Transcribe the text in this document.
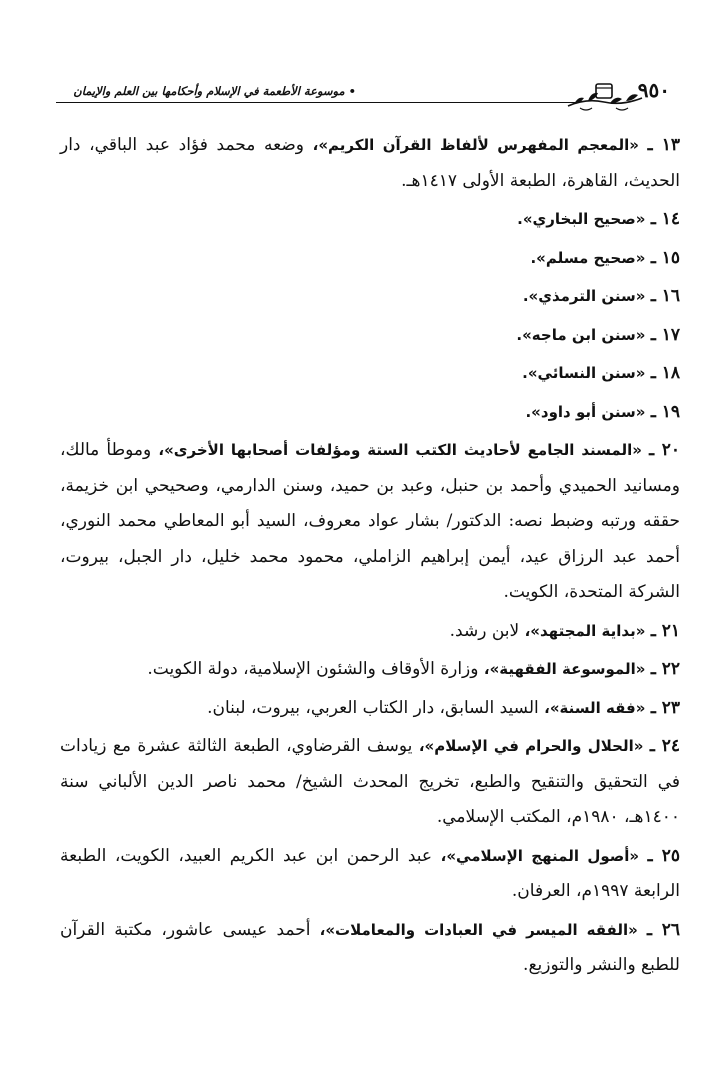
• موسوعة الأطعمة في الإسلام وأحكامها بين العلم والإيمان	٩٥٠

١٣ ـ «المعجم المفهرس لألفاظ القرآن الكريم»، وضعه محمد فؤاد عبد الباقي، دار الحديث، القاهرة، الطبعة الأولى ١٤١٧هـ.

١٤ ـ «صحيح البخاري».

١٥ ـ «صحيح مسلم».

١٦ ـ «سنن الترمذي».

١٧ ـ «سنن ابن ماجه».

١٨ ـ «سنن النسائي».

١٩ ـ «سنن أبو داود».

٢٠ ـ «المسند الجامع لأحاديث الكتب الستة ومؤلفات أصحابها الأخرى»، وموطأ مالك، ومسانيد الحميدي وأحمد بن حنبل، وعبد بن حميد، وسنن الدارمي، وصحيحي ابن خزيمة، حققه ورتبه وضبط نصه: الدكتور/ بشار عواد معروف، السيد أبو المعاطي محمد النوري، أحمد عبد الرزاق عيد، أيمن إبراهيم الزاملي، محمود محمد خليل، دار الجبل، بيروت، الشركة المتحدة، الكويت.

٢١ ـ «بداية المجتهد»، لابن رشد.

٢٢ ـ «الموسوعة الفقهية»، وزارة الأوقاف والشئون الإسلامية، دولة الكويت.

٢٣ ـ «فقه السنة»، السيد السابق، دار الكتاب العربي، بيروت، لبنان.

٢٤ ـ «الحلال والحرام في الإسلام»، يوسف القرضاوي، الطبعة الثالثة عشرة مع زيادات في التحقيق والتنقيح والطبع، تخريج المحدث الشيخ/ محمد ناصر الدين الألباني سنة ١٤٠٠هـ، ١٩٨٠م، المكتب الإسلامي.

٢٥ ـ «أصول المنهج الإسلامي»، عبد الرحمن ابن عبد الكريم العبيد، الكويت، الطبعة الرابعة ١٩٩٧م، العرفان.

٢٦ ـ «الفقه الميسر في العبادات والمعاملات»، أحمد عيسى عاشور، مكتبة القرآن للطبع والنشر والتوزيع.
